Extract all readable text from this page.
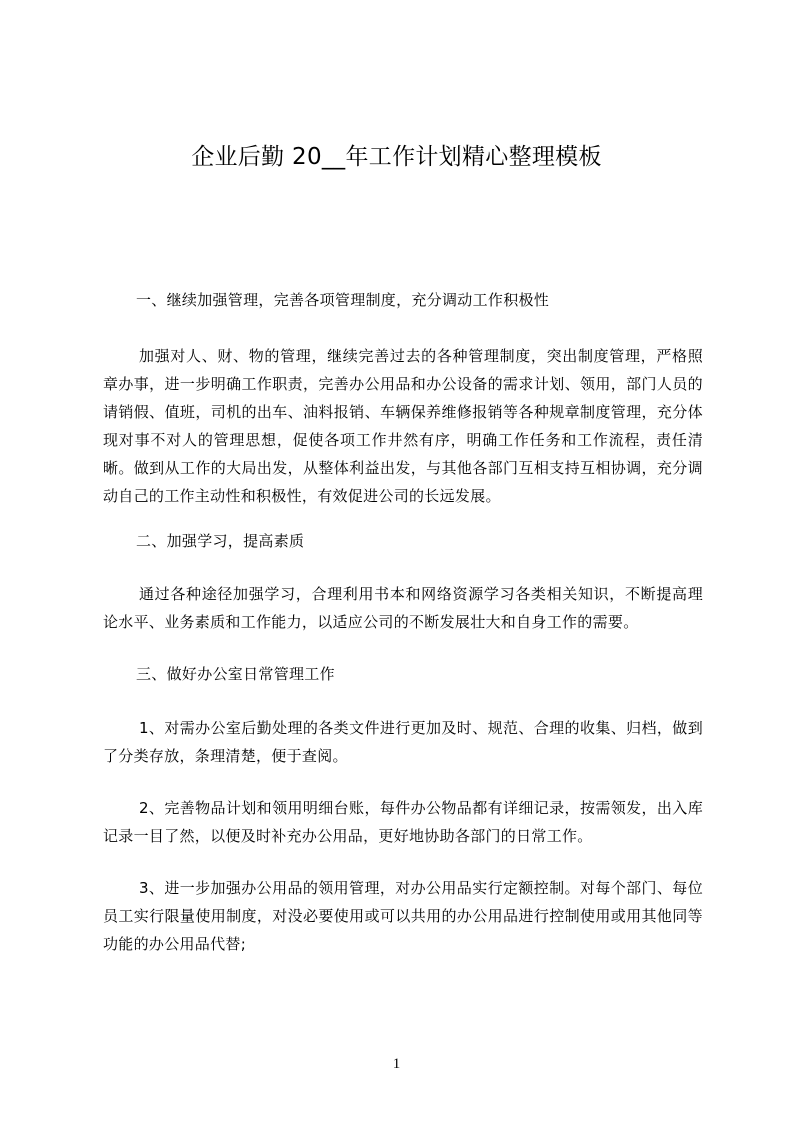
企业后勤 20__年工作计划精心整理模板
一、继续加强管理，完善各项管理制度，充分调动工作积极性
加强对人、财、物的管理，继续完善过去的各种管理制度，突出制度管理，严格照章办事，进一步明确工作职责，完善办公用品和办公设备的需求计划、领用，部门人员的请销假、值班，司机的出车、油料报销、车辆保养维修报销等各种规章制度管理，充分体现对事不对人的管理思想，促使各项工作井然有序，明确工作任务和工作流程，责任清晰。做到从工作的大局出发，从整体利益出发，与其他各部门互相支持互相协调，充分调动自己的工作主动性和积极性，有效促进公司的长远发展。
二、加强学习，提高素质
通过各种途径加强学习，合理利用书本和网络资源学习各类相关知识，不断提高理论水平、业务素质和工作能力，以适应公司的不断发展壮大和自身工作的需要。
三、做好办公室日常管理工作
1、对需办公室后勤处理的各类文件进行更加及时、规范、合理的收集、归档，做到了分类存放，条理清楚，便于查阅。
2、完善物品计划和领用明细台账，每件办公物品都有详细记录，按需领发，出入库记录一目了然，以便及时补充办公用品，更好地协助各部门的日常工作。
3、进一步加强办公用品的领用管理，对办公用品实行定额控制。对每个部门、每位员工实行限量使用制度，对没必要使用或可以共用的办公用品进行控制使用或用其他同等功能的办公用品代替;
1
